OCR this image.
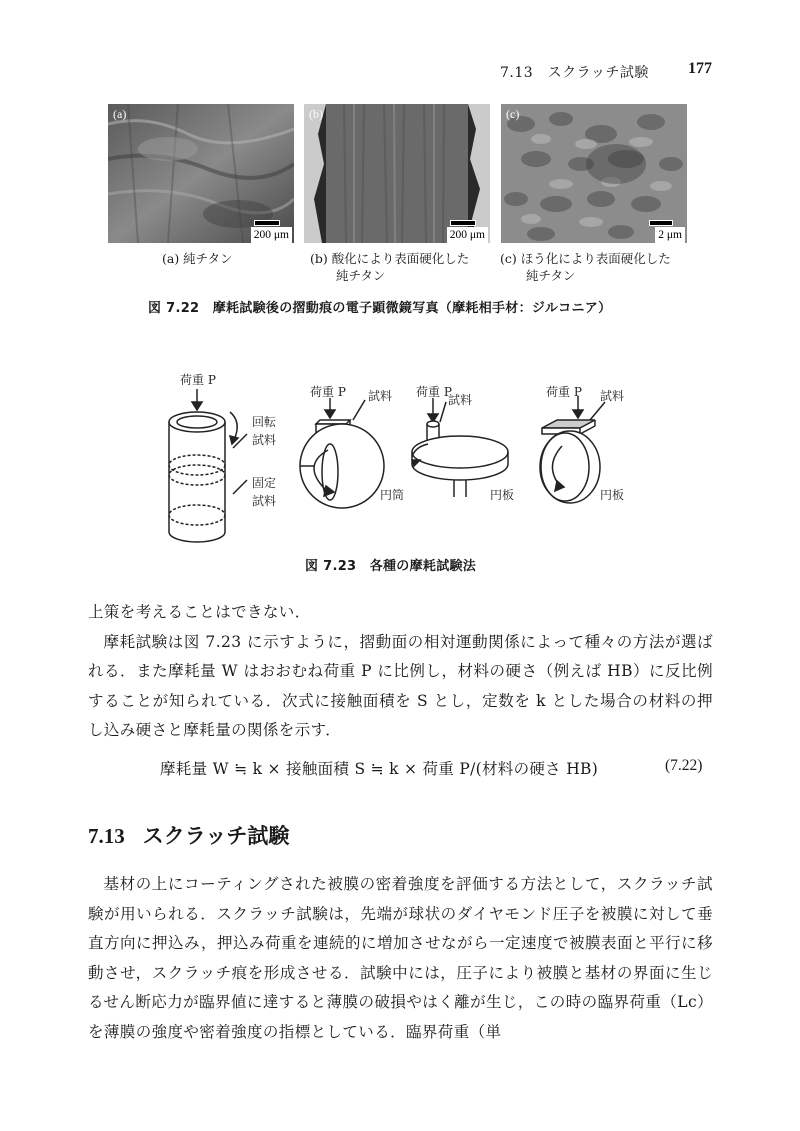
7.13　スクラッチ試験 177
(a)
200 μm
(b)
200 μm
(c)
2 μm
(a) 純チタン	(b) 酸化により表面硬化した
純チタン
(c) ほう化により表面硬化した
純チタン
図 7.22　摩耗試験後の摺動痕の電子顕微鏡写真（摩耗相手材：ジルコニア）
荷重 P
回転
試料
固定
試料
荷重 P 試料
円筒
荷重 P
試料
円板
荷重 P 試料
円板
図 7.23　各種の摩耗試験法

上策を考えることはできない．

摩耗試験は図 7.23 に示すように，摺動面の相対運動関係によって種々の方法が選ばれる．また摩耗量 W はおおむね荷重 P に比例し，材料の硬さ（例えば HB）に反比例することが知られている．次式に接触面積を S とし，定数を k とした場合の材料の押し込み硬さと摩耗量の関係を示す．

摩耗量 W ≒ k × 接触面積 S ≒ k × 荷重 P/(材料の硬さ HB)	(7.22)
7.13 スクラッチ試験

基材の上にコーティングされた被膜の密着強度を評価する方法として，スクラッチ試験が用いられる．スクラッチ試験は，先端が球状のダイヤモンド圧子を被膜に対して垂直方向に押込み，押込み荷重を連続的に増加させながら一定速度で被膜表面と平行に移動させ，スクラッチ痕を形成させる．試験中には，圧子により被膜と基材の界面に生じるせん断応力が臨界値に達すると薄膜の破損やはく離が生じ，この時の臨界荷重（Lc）を薄膜の強度や密着強度の指標としている．臨界荷重（単
